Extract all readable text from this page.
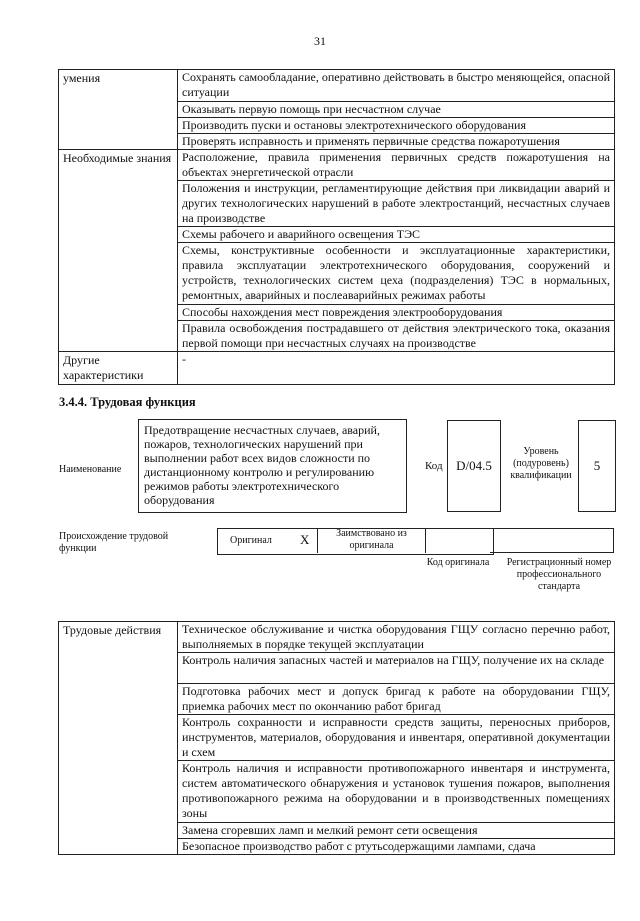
31
умения	Сохранять самообладание, оперативно действовать в быстро меняющейся, опасной ситуации
	Оказывать первую помощь при несчастном случае
	Производить пуски и остановы электротехнического оборудования
	Проверять исправность и применять первичные средства пожаротушения
Необходимые знания	Расположение, правила применения первичных средств пожаротушения на объектах энергетической отрасли
	Положения и инструкции, регламентирующие действия при ликвидации аварий и других технологических нарушений в работе электростанций, несчастных случаев на производстве
	Схемы рабочего и аварийного освещения ТЭС
	Схемы, конструктивные особенности и эксплуатационные характеристики, правила эксплуатации электротехнического оборудования, сооружений и устройств, технологических систем цеха (подразделения) ТЭС в нормальных, ремонтных, аварийных и послеаварийных режимах работы
	Способы нахождения мест повреждения электрооборудования
	Правила освобождения пострадавшего от действия электрического тока, оказания первой помощи при несчастных случаях на производстве
Другие характеристики	-
3.4.4. Трудовая функция
Наименование
Предотвращение несчастных случаев, аварий, пожаров, технологических нарушений при выполнении работ всех видов сложности по дистанционному контролю и регулированию режимов работы электротехнического оборудования
Код	D/04.5
Уровень (подуровень) квалификации
5
Происхождение трудовой функции
Оригинал X	Заимствовано из оригинала
Код оригинала Регистрационный номер профессионального стандарта
Трудовые действия	Техническое обслуживание и чистка оборудования ГЩУ согласно перечню работ, выполняемых в порядке текущей эксплуатации
Контроль наличия запасных частей и материалов на ГЩУ, получение их на складе
Подготовка рабочих мест и допуск бригад к работе на оборудовании ГЩУ, приемка рабочих мест по окончанию работ бригад
Контроль сохранности и исправности средств защиты, переносных приборов, инструментов, материалов, оборудования и инвентаря, оперативной документации и схем
Контроль наличия и исправности противопожарного инвентаря и инструмента, систем автоматического обнаружения и установок тушения пожаров, выполнения противопожарного режима на оборудовании и в производственных помещениях зоны
Замена сгоревших ламп и мелкий ремонт сети освещения
Безопасное производство работ с ртутьсодержащими лампами, сдача
